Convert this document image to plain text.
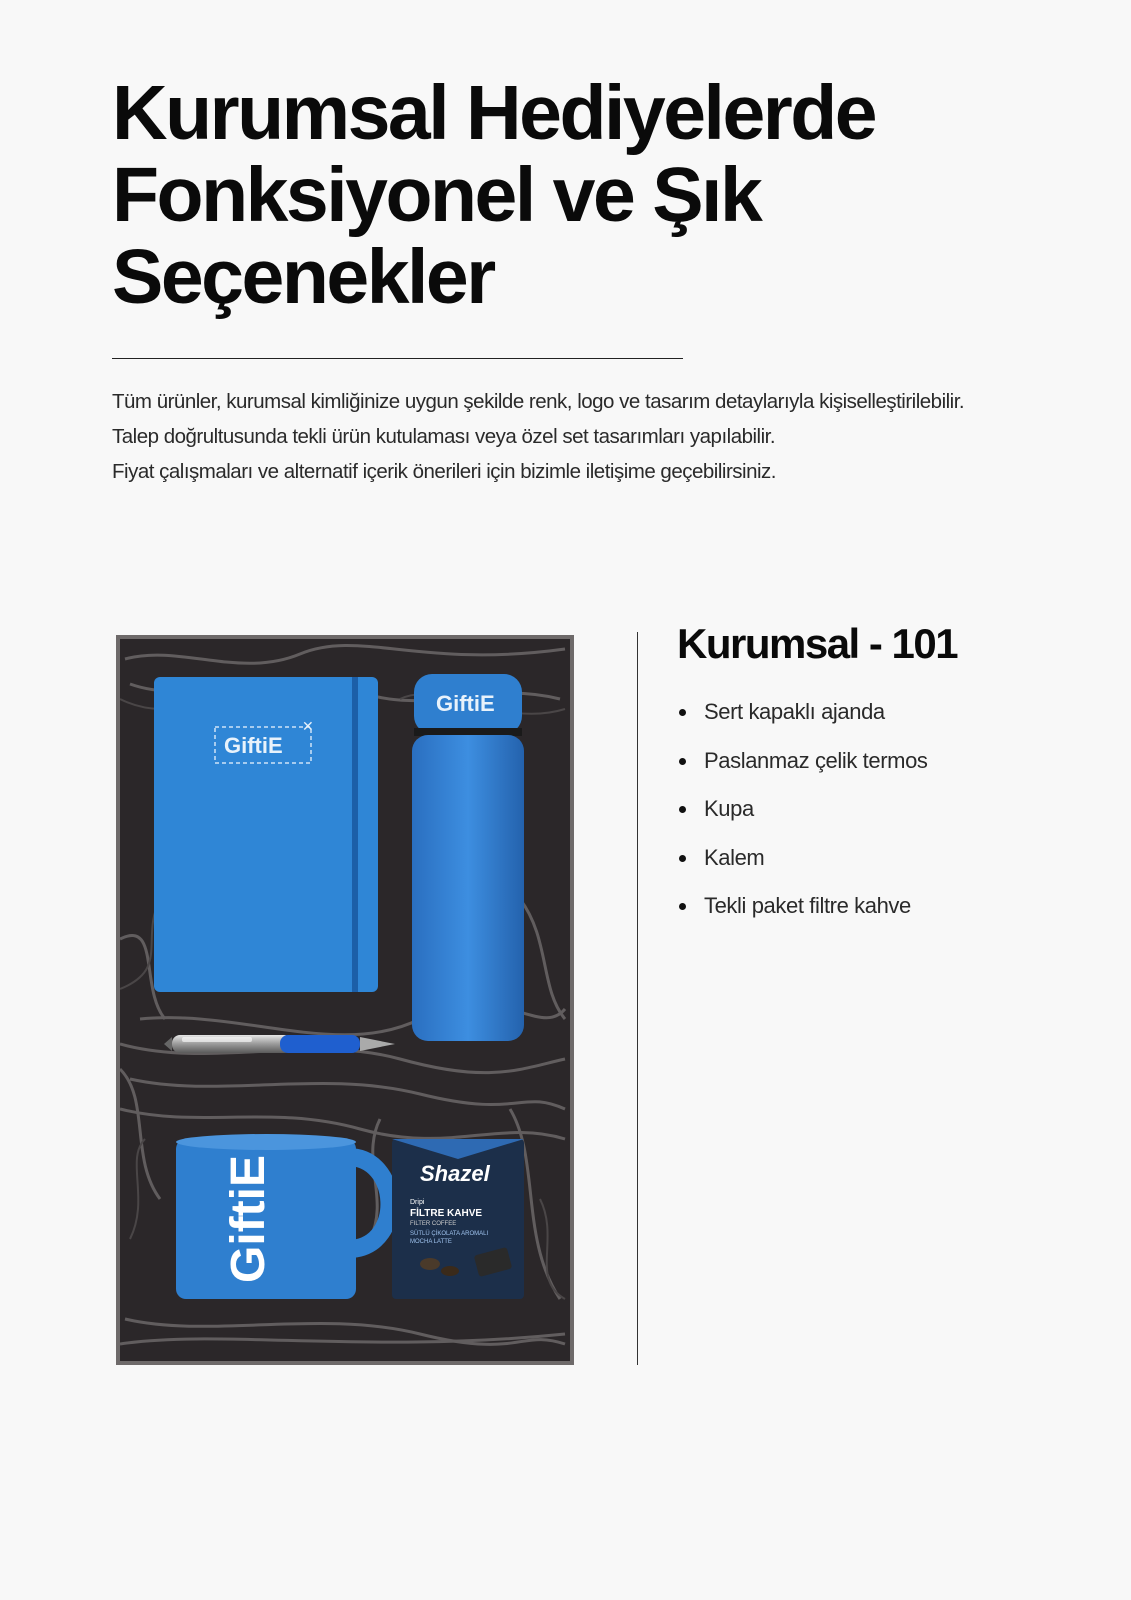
Kurumsal Hediyelerde
Fonksiyonel ve Şık
Seçenekler

Tüm ürünler, kurumsal kimliğinize uygun şekilde renk, logo ve tasarım detaylarıyla kişiselleştirilebilir.

Talep doğrultusunda tekli ürün kutulaması veya özel set tasarımları yapılabilir.

Fiyat çalışmaları ve alternatif içerik önerileri için bizimle iletişime geçebilirsiniz.

GiftiE
✕
GiftiE
GiftiE	Shazel
Dripi
FİLTRE KAHVE
FILTER COFFEE
SÜTLÜ ÇİKOLATA AROMALI
MOCHA LATTE
Kurumsal - 101
Sert kapaklı ajanda
Paslanmaz çelik termos
Kupa
Kalem
Tekli paket filtre kahve
